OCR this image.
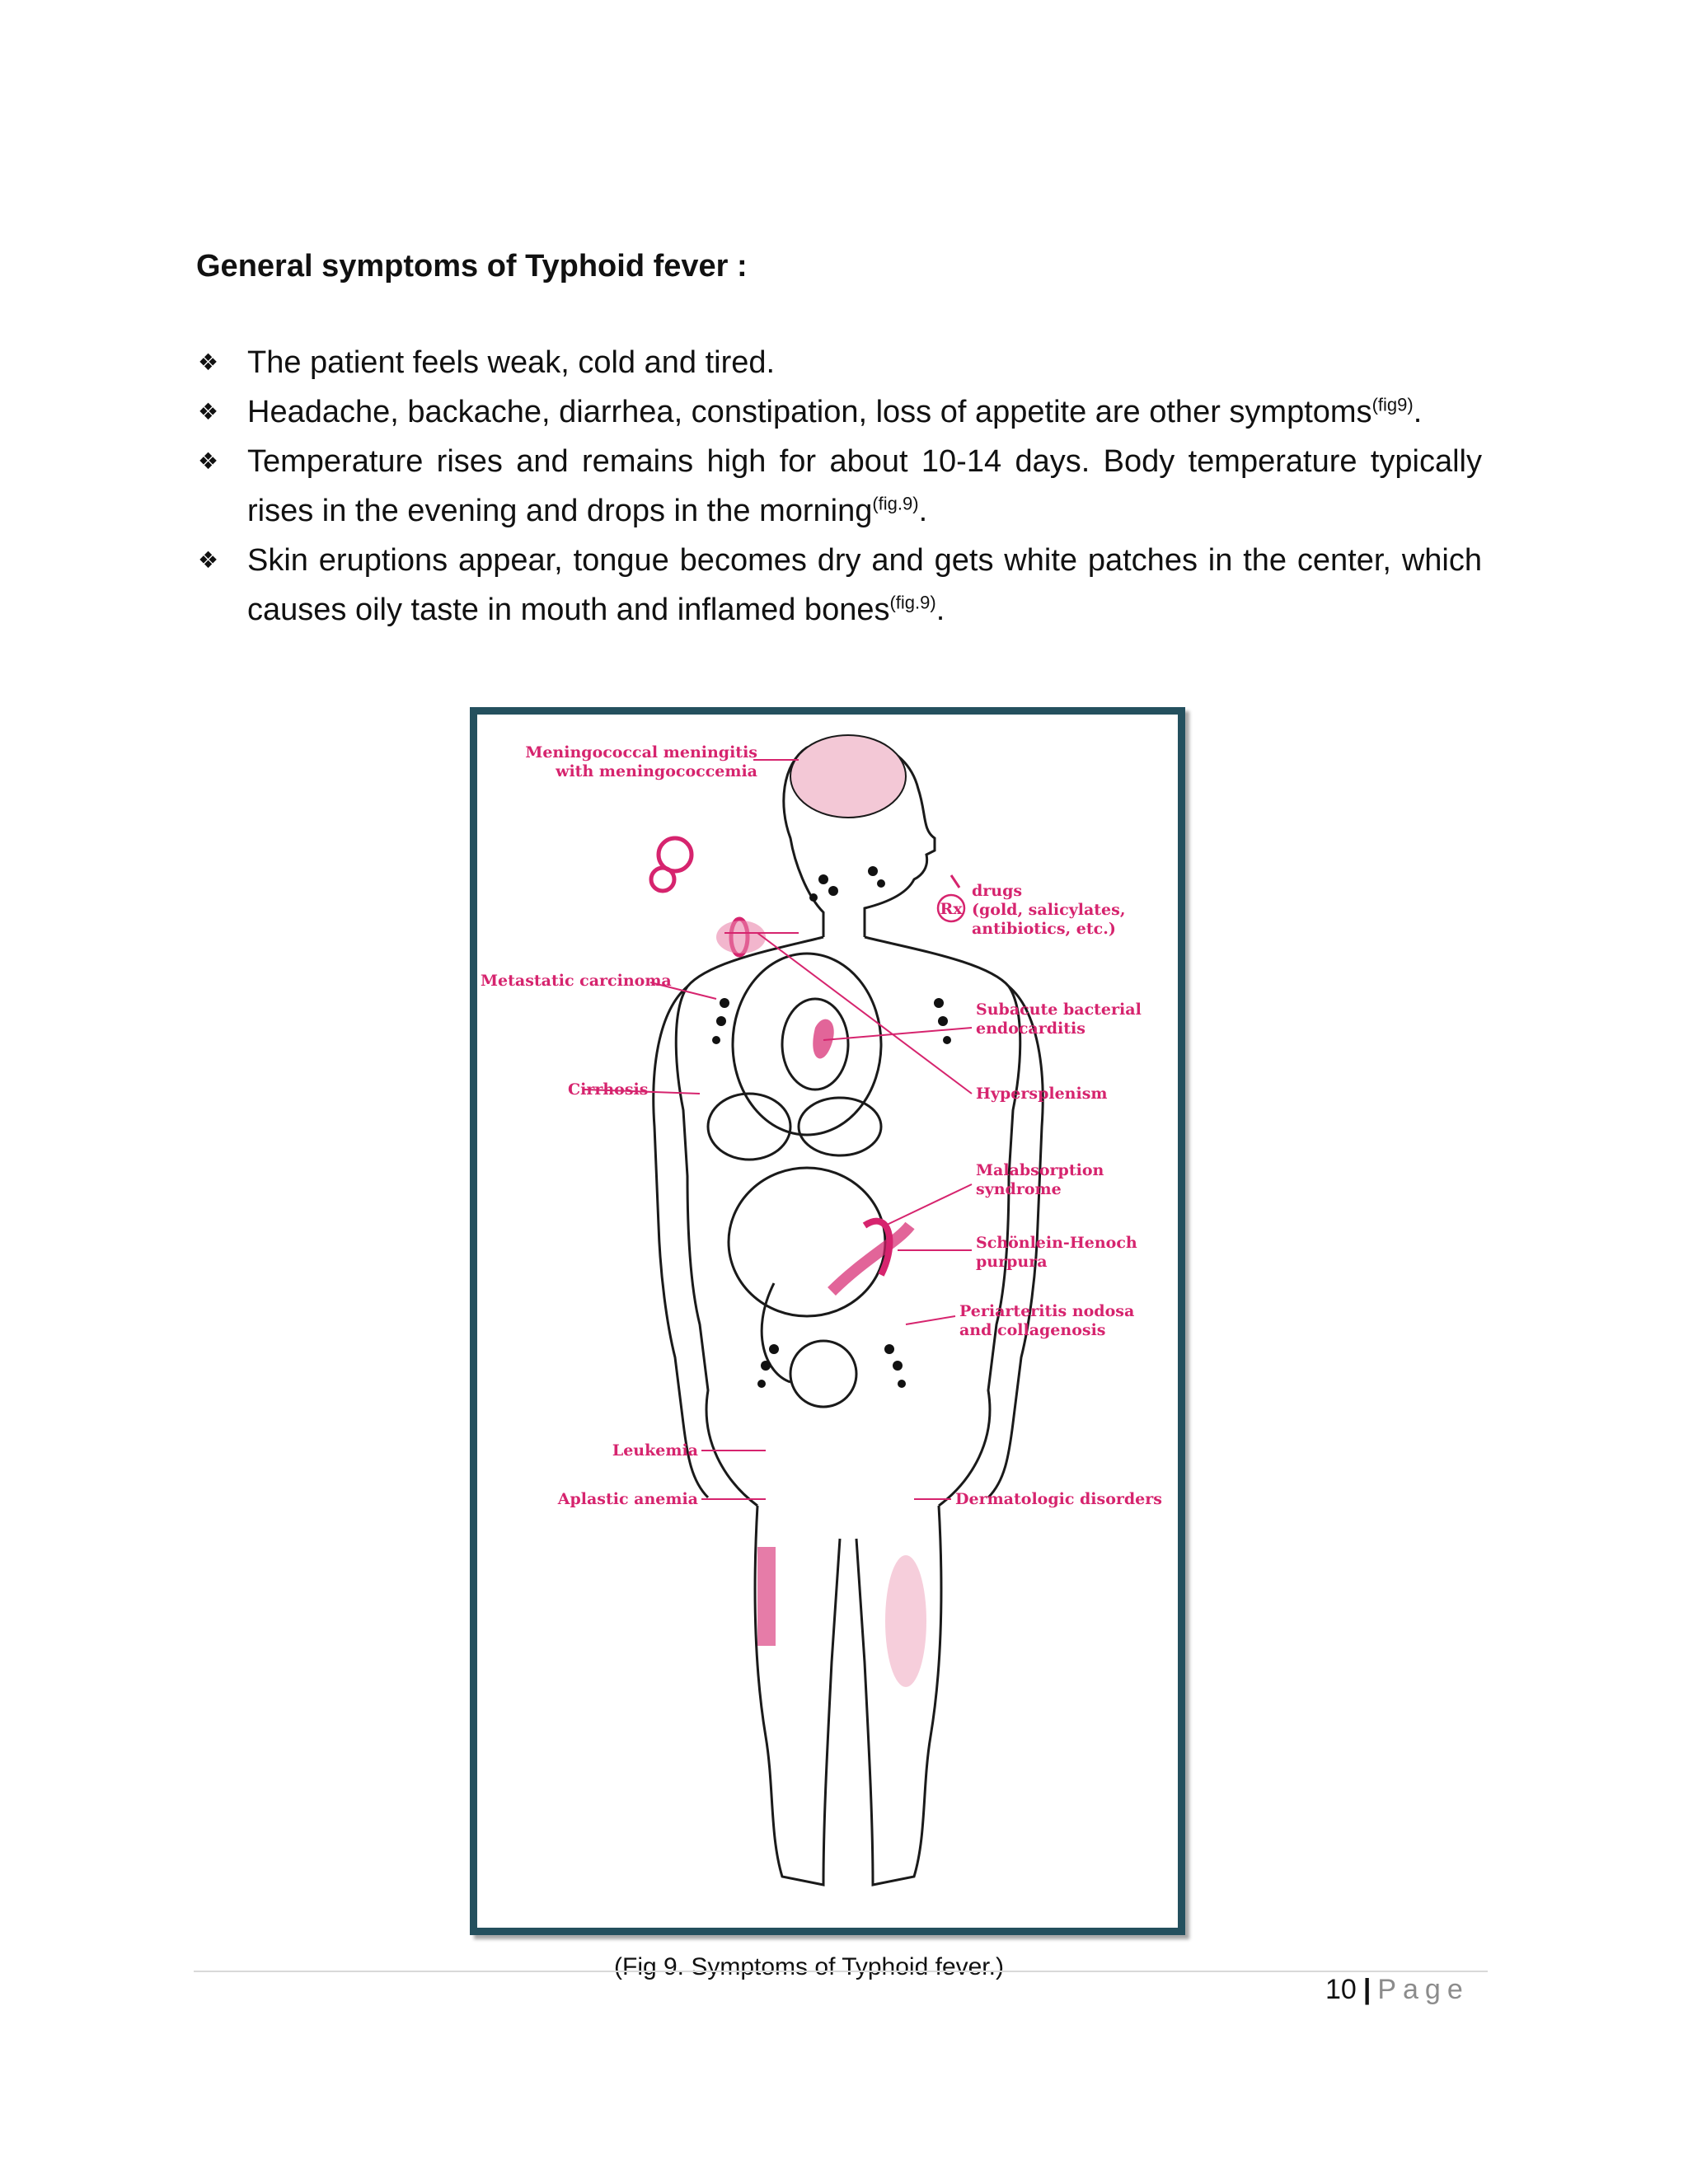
General symptoms of Typhoid fever :
❖ The patient feels weak, cold and tired.
❖ Headache, backache, diarrhea, constipation, loss of appetite are other symptoms$^{(fig9)}$.
❖ Temperature rises and remains high for about 10-14 days. Body temperature typically rises in the evening and drops in the morning$^{(fig.9)}$.
❖ Skin eruptions appear, tongue becomes dry and gets white patches in the center, which causes oily taste in mouth and inflamed bones$^{(fig.9)}$.
Rx
Meningococcal meningitis
with meningococcemia
drugs
(gold, salicylates,
antibiotics, etc.)
Metastatic carcinoma
Subacute bacterial
endocarditis
Cirrhosis	Hypersplenism
Malabsorption
syndrome
Schönlein-Henoch
purpura
Periarteritis nodosa
and collagenosis
Leukemia
Aplastic anemia	Dermatologic disorders
(Fig 9. Symptoms of Typhoid fever.)
10 | Page
